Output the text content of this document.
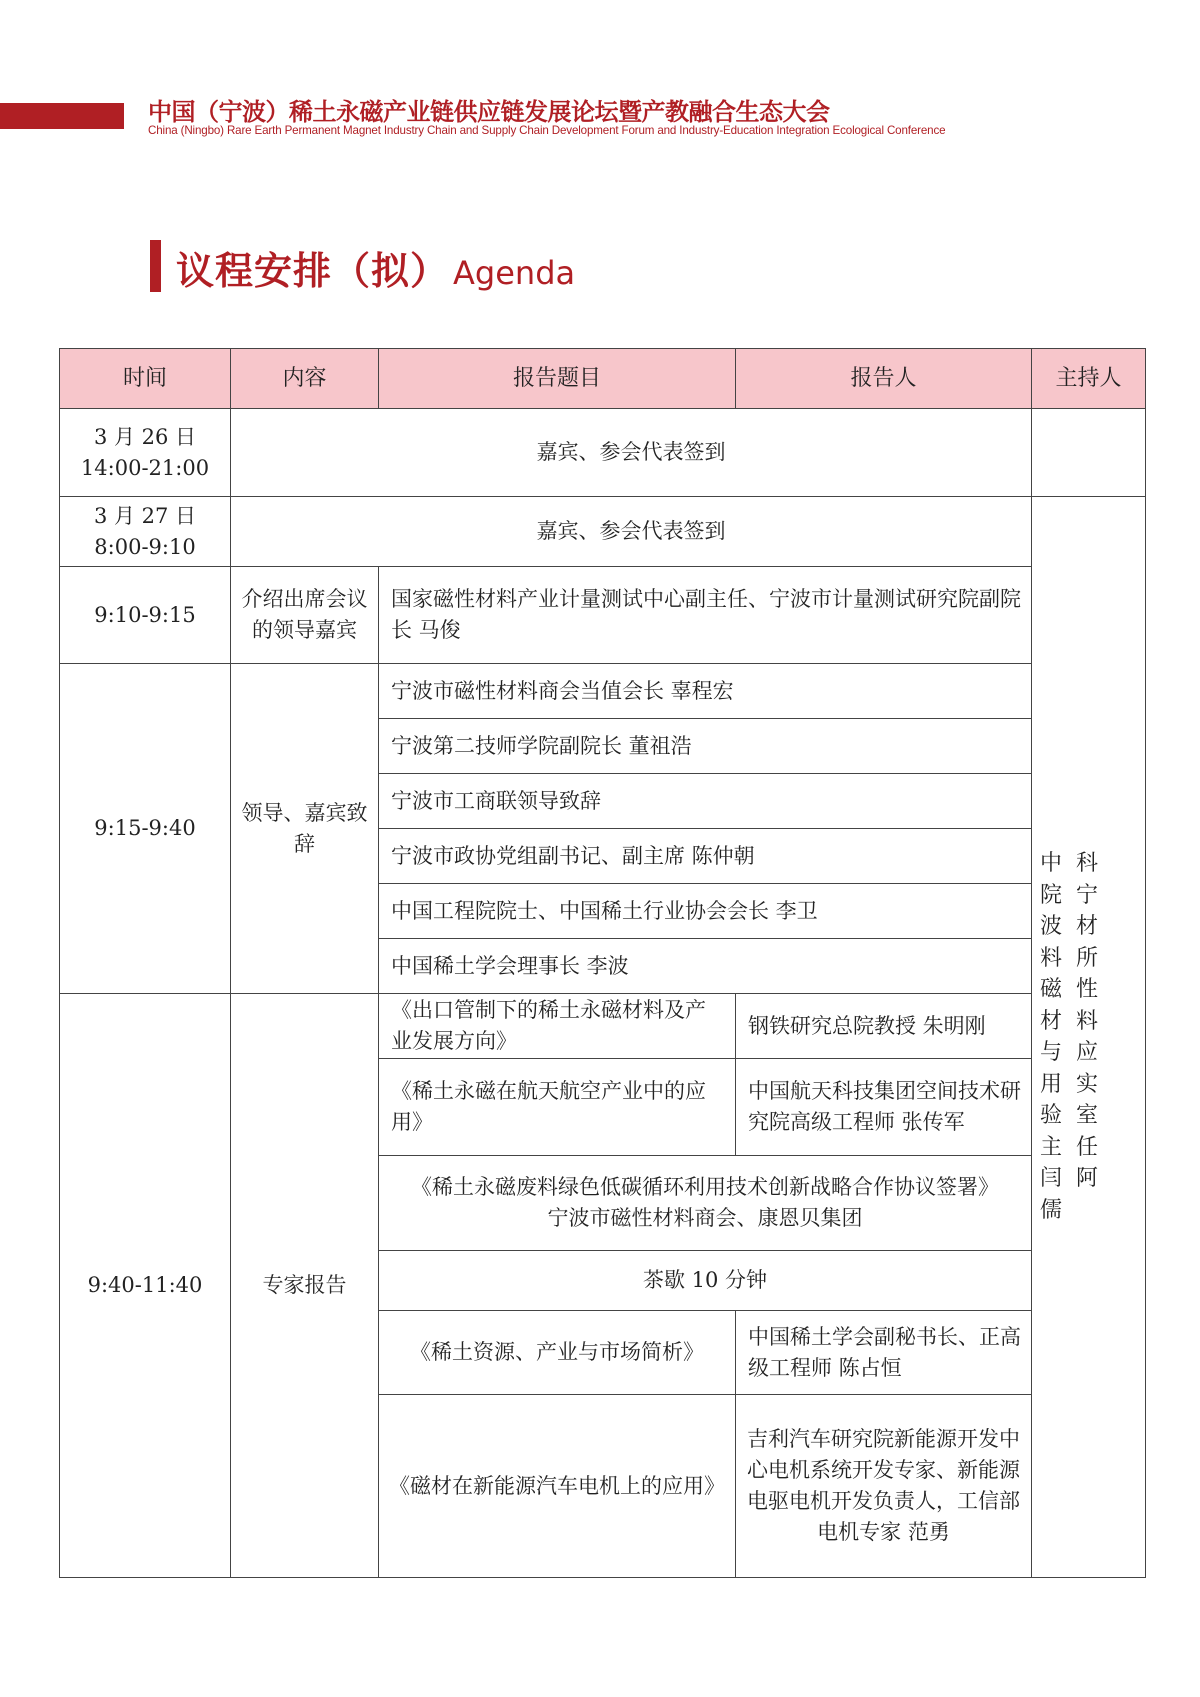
中国（宁波）稀土永磁产业链供应链发展论坛暨产教融合生态大会
China (Ningbo) Rare Earth Permanent Magnet Industry Chain and Supply Chain Development Forum and Industry-Education Integration Ecological Conference
议程安排（拟） Agenda
时间	内容	报告题目	报告人	主持人

3 月 26 日
14:00-21:00	嘉宾、参会代表签到			

3 月 27 日
8:00-9:10	嘉宾、参会代表签到			中科院宁波材料所磁性材料与应用实验室主任闫阿儒
9:10-9:15	介绍出席会议的领导嘉宾	国家磁性材料产业计量测试中心副主任、宁波市计量测试研究院副院长 马俊		
9:15-9:40	领导、嘉宾致辞	宁波市磁性材料商会当值会长 辜程宏		
		宁波第二技师学院副院长 董祖浩		
		宁波市工商联领导致辞		
		宁波市政协党组副书记、副主席 陈仲朝		
		中国工程院院士、中国稀土行业协会会长 李卫		
		中国稀土学会理事长 李波		
9:40-11:40	专家报告	《出口管制下的稀土永磁材料及产业发展方向》	钢铁研究总院教授 朱明刚	
		《稀土永磁在航天航空产业中的应用》	中国航天科技集团空间技术研究院高级工程师 张传军	

		《稀土永磁废料绿色低碳循环利用技术创新战略合作协议签署》
宁波市磁性材料商会、康恩贝集团		

		茶歇 10 分钟		
		《稀土资源、产业与市场简析》	中国稀土学会副秘书长、正高级工程师 陈占恒	
		《磁材在新能源汽车电机上的应用》	吉利汽车研究院新能源开发中心电机系统开发专家、新能源电驱电机开发负责人，工信部电机专家 范勇	
